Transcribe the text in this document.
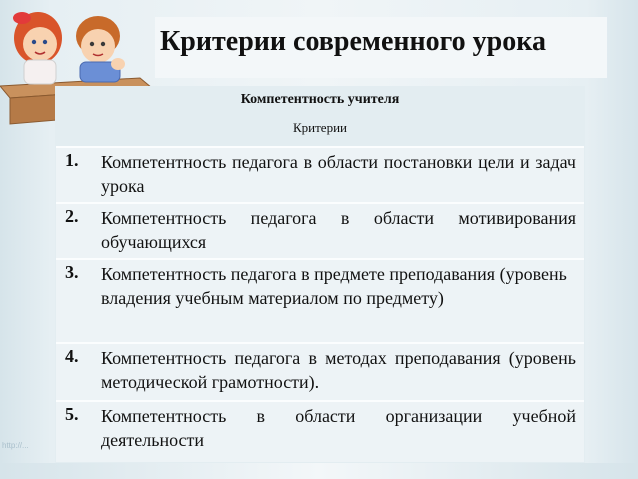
Критерии современного урока
Компетентность учителя
Критерии
1. Компетентность педагога в области постановки цели и задач урока
2. Компетентность педагога в области мотивирования обучающихся
3. Компетентность педагога в предмете преподавания (уровень владения учебным материалом по предмету)
4. Компетентность педагога в методах преподавания (уровень методической грамотности).
5. Компетентность в области организации учебной деятельности
http://...
